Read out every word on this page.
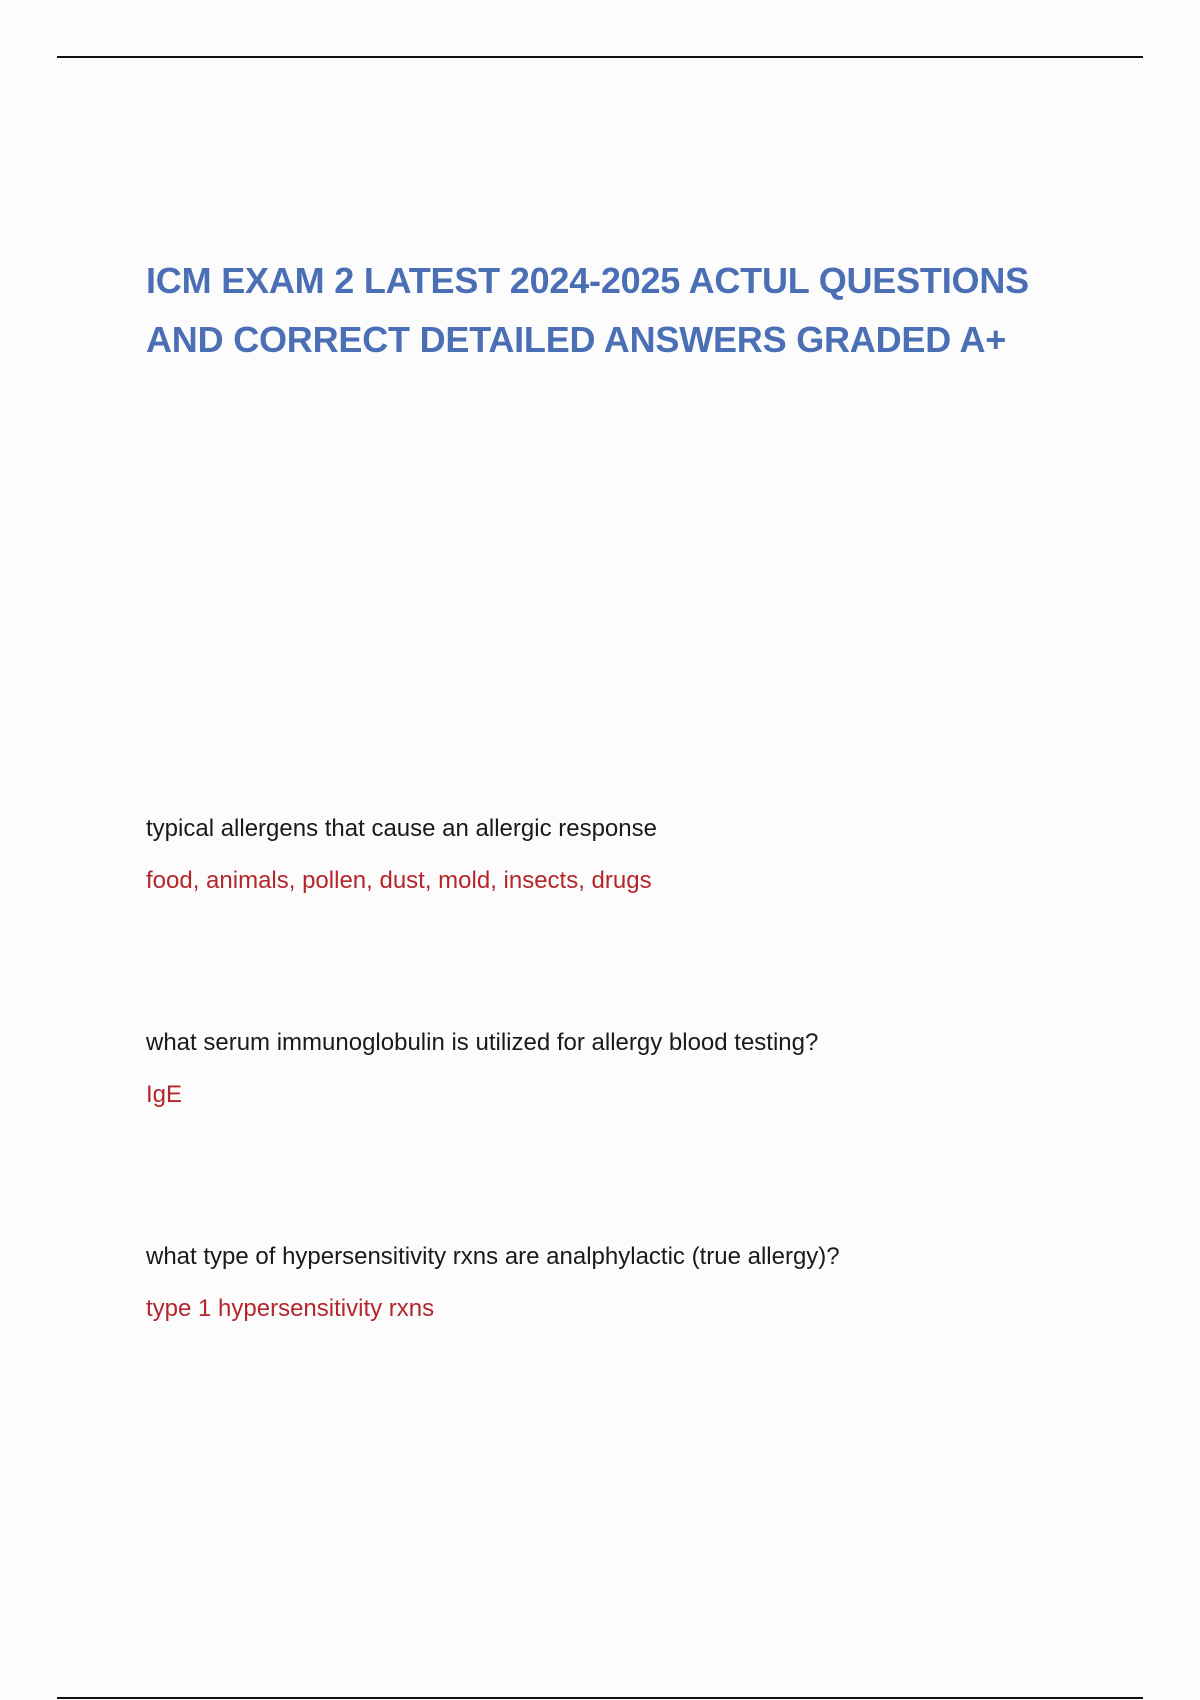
ICM EXAM 2 LATEST 2024-2025 ACTUL QUESTIONS
AND CORRECT DETAILED ANSWERS GRADED A+

typical allergens that cause an allergic response

food, animals, pollen, dust, mold, insects, drugs

what serum immunoglobulin is utilized for allergy blood testing?

IgE

what type of hypersensitivity rxns are analphylactic (true allergy)?

type 1 hypersensitivity rxns
